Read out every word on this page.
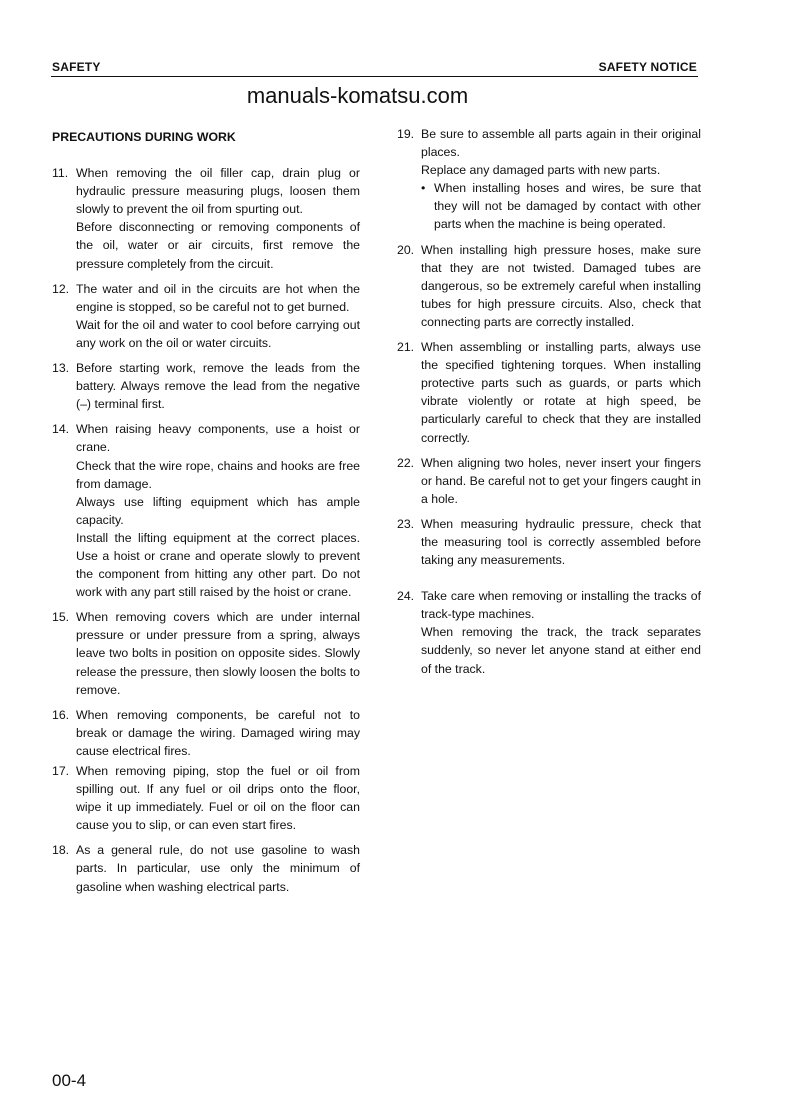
SAFETY	SAFETY NOTICE
manuals-komatsu.com
PRECAUTIONS DURING WORK
11. When removing the oil filler cap, drain plug or hydraulic pressure measuring plugs, loosen them slowly to prevent the oil from spurting out.

Before disconnecting or removing components of the oil, water or air circuits, first remove the pressure completely from the circuit.

12. The water and oil in the circuits are hot when the engine is stopped, so be careful not to get burned.

Wait for the oil and water to cool before carrying out any work on the oil or water circuits.

13. Before starting work, remove the leads from the battery. Always remove the lead from the negative (–) terminal first.

14. When raising heavy components, use a hoist or crane.

Check that the wire rope, chains and hooks are free from damage.

Always use lifting equipment which has ample capacity.

Install the lifting equipment at the correct places. Use a hoist or crane and operate slowly to prevent the component from hitting any other part. Do not work with any part still raised by the hoist or crane.

15. When removing covers which are under internal pressure or under pressure from a spring, always leave two bolts in position on opposite sides. Slowly release the pressure, then slowly loosen the bolts to remove.

16. When removing components, be careful not to break or damage the wiring. Damaged wiring may cause electrical fires.

17. When removing piping, stop the fuel or oil from spilling out. If any fuel or oil drips onto the floor, wipe it up immediately. Fuel or oil on the floor can cause you to slip, or can even start fires.

18. As a general rule, do not use gasoline to wash parts. In particular, use only the minimum of gasoline when washing electrical parts.

19. Be sure to assemble all parts again in their original places.

Replace any damaged parts with new parts.

• When installing hoses and wires, be sure that they will not be damaged by contact with other parts when the machine is being operated.

20. When installing high pressure hoses, make sure that they are not twisted. Damaged tubes are dangerous, so be extremely careful when installing tubes for high pressure circuits. Also, check that connecting parts are correctly installed.

21. When assembling or installing parts, always use the specified tightening torques. When installing protective parts such as guards, or parts which vibrate violently or rotate at high speed, be particularly careful to check that they are installed correctly.

22. When aligning two holes, never insert your fingers or hand. Be careful not to get your fingers caught in a hole.

23. When measuring hydraulic pressure, check that the measuring tool is correctly assembled before taking any measurements.

24. Take care when removing or installing the tracks of track-type machines.

When removing the track, the track separates suddenly, so never let anyone stand at either end of the track.

00-4
